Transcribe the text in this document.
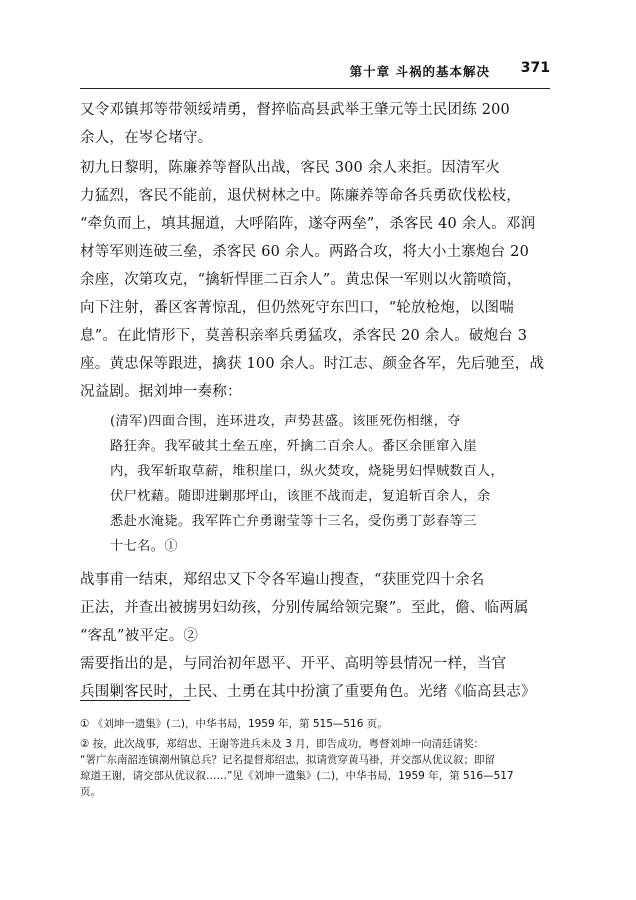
第十章 斗祸的基本解决 371
又令邓镇邦等带领绥靖勇，督捽临高县武举王肇元等土民团练 200
余人，在岑仑堵守。
初九日黎明，陈廉养等督队出战，客民 300 余人来拒。因清军火
力猛烈，客民不能前，退伏树林之中。陈廉养等命各兵勇砍伐松枝，
“牵负而上，填其掘道，大呼陷阵，遂夺两垒”，杀客民 40 余人。邓润
材等军则连破三垒，杀客民 60 余人。两路合攻，将大小土寨炮台 20
余座，次第攻克，“擒斩悍匪二百余人”。黄忠保一军则以火箭喷筒，
向下注射，番区客菁惊乱，但仍然死守东凹口，“轮放枪炮，以图喘
息”。在此情形下，莫善积亲率兵勇猛攻，杀客民 20 余人。破炮台 3
座。黄忠保等跟进，擒获 100 余人。时江志、颜金各军，先后驰至，战
况益剧。据刘坤一奏称：
(清军)四面合围，连环进攻，声势甚盛。该匪死伤相继，夺
路狂奔。我军破其土垒五座，歼擒二百余人。番区余匪窜入崖
内，我军斩取草薪，堆积崖口，纵火焚攻，烧毙男妇悍贼数百人，
伏尸枕藉。随即进剿那坪山，该匪不战而走，复追斩百余人，余
悉赴水淹毙。我军阵亡弁勇谢莹等十三名，受伤勇丁彭春等三
十七名。①
战事甫一结束，郑绍忠又下令各军遍山搜查，“获匪党四十余名
正法，并查出被掳男妇幼孩，分别传属给领完聚”。至此，儋、临两属
“客乱”被平定。②
需要指出的是，与同治初年恩平、开平、高明等县情况一样，当官
兵围剿客民时，土民、土勇在其中扮演了重要角色。光绪《临高县志》
① 《刘坤一遗集》(二)，中华书局，1959 年，第 515—516 页。
② 按，此次战事，郑绍忠、王谢等进兵未及 3 月，即告成功，粤督刘坤一向清廷请奖：
“署广东南韶连镇潮州镇总兵？记名提督郑绍忠，拟请赏穿黄马褂，并交部从优议叙；即留
琼道王谢，请交部从优议叙……”见《刘坤一遗集》(二)，中华书局，1959 年，第 516—517
页。
